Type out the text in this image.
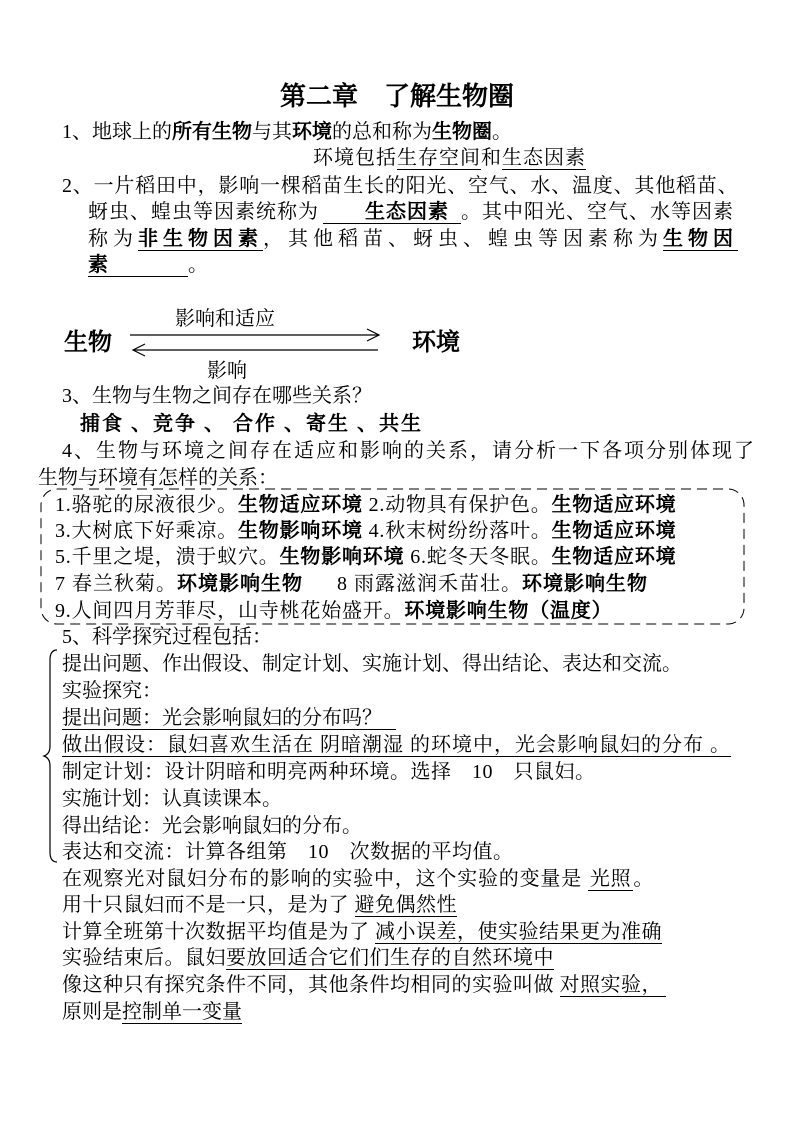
第二章　了解生物圈
1、地球上的所有生物与其环境的总和称为生物圈。
环境包括生存空间和生态因素
2、一片稻田中，影响一棵稻苗生长的阳光、空气、水、温度、其他稻苗、
蚜虫、蝗虫等因素统称为 生态因素 。其中阳光、空气、水等因素
称为非生物因素，其他稻苗、蚜虫、蝗虫等因素称为生物因
素	。
影响和适应
生物	环境
影响
3、生物与生物之间存在哪些关系？
捕食 、竞争 、 合作 、寄生 、共生
4、生物与环境之间存在适应和影响的关系，请分析一下各项分别体现了
生物与环境有怎样的关系：
1.骆驼的尿液很少。生物适应环境 2.动物具有保护色。生物适应环境
3.大树底下好乘凉。生物影响环境 4.秋末树纷纷落叶。生物适应环境
5.千里之堤，溃于蚁穴。生物影响环境 6.蛇冬天冬眠。生物适应环境
7 春兰秋菊。环境影响生物 8 雨露滋润禾苗壮。环境影响生物
9.人间四月芳菲尽，山寺桃花始盛开。环境影响生物（温度）
5、科学探究过程包括：
提出问题、作出假设、制定计划、实施计划、得出结论、表达和交流。
实验探究：
提出问题：光会影响鼠妇的分布吗？
做出假设：鼠妇喜欢生活在 阴暗潮湿 的环境中，光会影响鼠妇的分布 。
制定计划：设计阴暗和明亮两种环境。选择　10　只鼠妇。
实施计划：认真读课本。
得出结论：光会影响鼠妇的分布。
表达和交流：计算各组第　10　次数据的平均值。
在观察光对鼠妇分布的影响的实验中，这个实验的变量是 光照 。
用十只鼠妇而不是一只，是为了 避免偶然性
计算全班第十次数据平均值是为了 减小误差，使实验结果更为准确
实验结束后。鼠妇要放回适合它们们生存的自然环境中
像这种只有探究条件不同，其他条件均相同的实验叫做 对照实验，
原则是控制单一变量
